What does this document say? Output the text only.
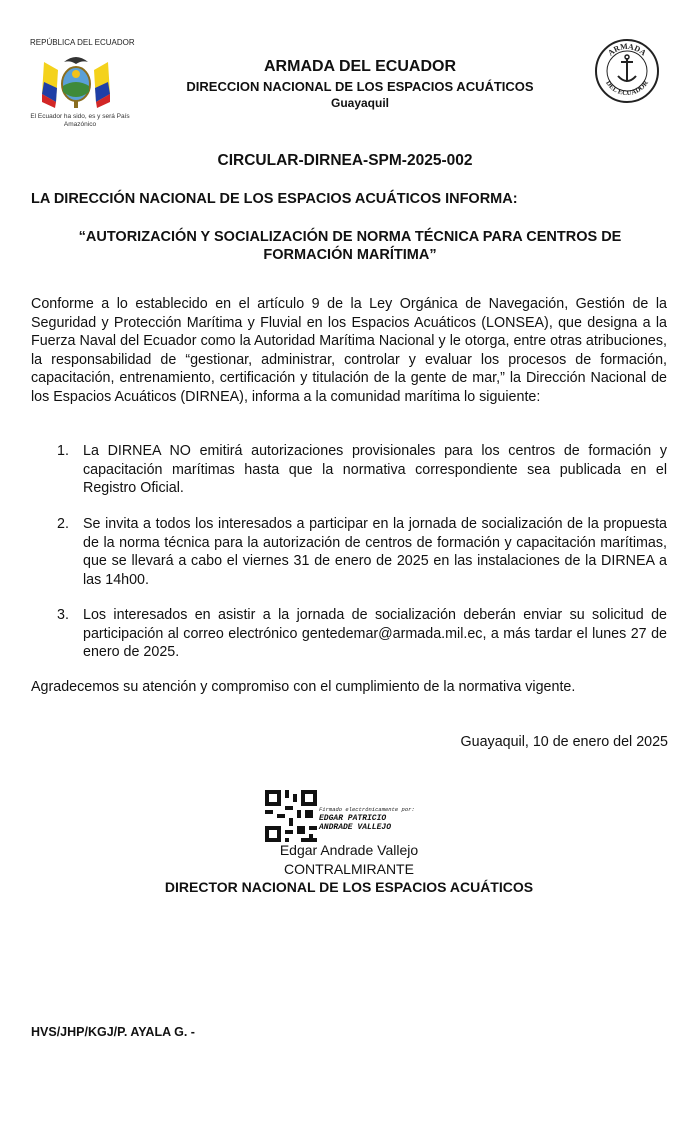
REPÚBLICA DEL ECUADOR
El Ecuador ha sido, es y será País Amazónico
ARMADA DEL ECUADOR
DIRECCION NACIONAL DE LOS ESPACIOS ACUÁTICOS
Guayaquil
ARMADA
DEL ECUADOR
CIRCULAR-DIRNEA-SPM-2025-002
LA DIRECCIÓN NACIONAL DE LOS ESPACIOS ACUÁTICOS INFORMA:
“AUTORIZACIÓN Y SOCIALIZACIÓN DE NORMA TÉCNICA PARA CENTROS DE FORMACIÓN MARÍTIMA”
Conforme a lo establecido en el artículo 9 de la Ley Orgánica de Navegación, Gestión de la Seguridad y Protección Marítima y Fluvial en los Espacios Acuáticos (LONSEA), que designa a la Fuerza Naval del Ecuador como la Autoridad Marítima Nacional y le otorga, entre otras atribuciones, la responsabilidad de “gestionar, administrar, controlar y evaluar los procesos de formación, capacitación, entrenamiento, certificación y titulación de la gente de mar,” la Dirección Nacional de los Espacios Acuáticos (DIRNEA), informa a la comunidad marítima lo siguiente:
1. La DIRNEA NO emitirá autorizaciones provisionales para los centros de formación y capacitación marítimas hasta que la normativa correspondiente sea publicada en el Registro Oficial.
2. Se invita a todos los interesados a participar en la jornada de socialización de la propuesta de la norma técnica para la autorización de centros de formación y capacitación marítimas, que se llevará a cabo el viernes 31 de enero de 2025 en las instalaciones de la DIRNEA a las 14h00.
3. Los interesados en asistir a la jornada de socialización deberán enviar su solicitud de participación al correo electrónico gentedemar@armada.mil.ec, a más tardar el lunes 27 de enero de 2025.
Agradecemos su atención y compromiso con el cumplimiento de la normativa vigente.
Guayaquil, 10 de enero del 2025
Firmado electrónicamente por:
EDGAR PATRICIO
ANDRADE VALLEJO
Edgar Andrade Vallejo
CONTRALMIRANTE
DIRECTOR NACIONAL DE LOS ESPACIOS ACUÁTICOS
HVS/JHP/KGJ/P. AYALA G. -
